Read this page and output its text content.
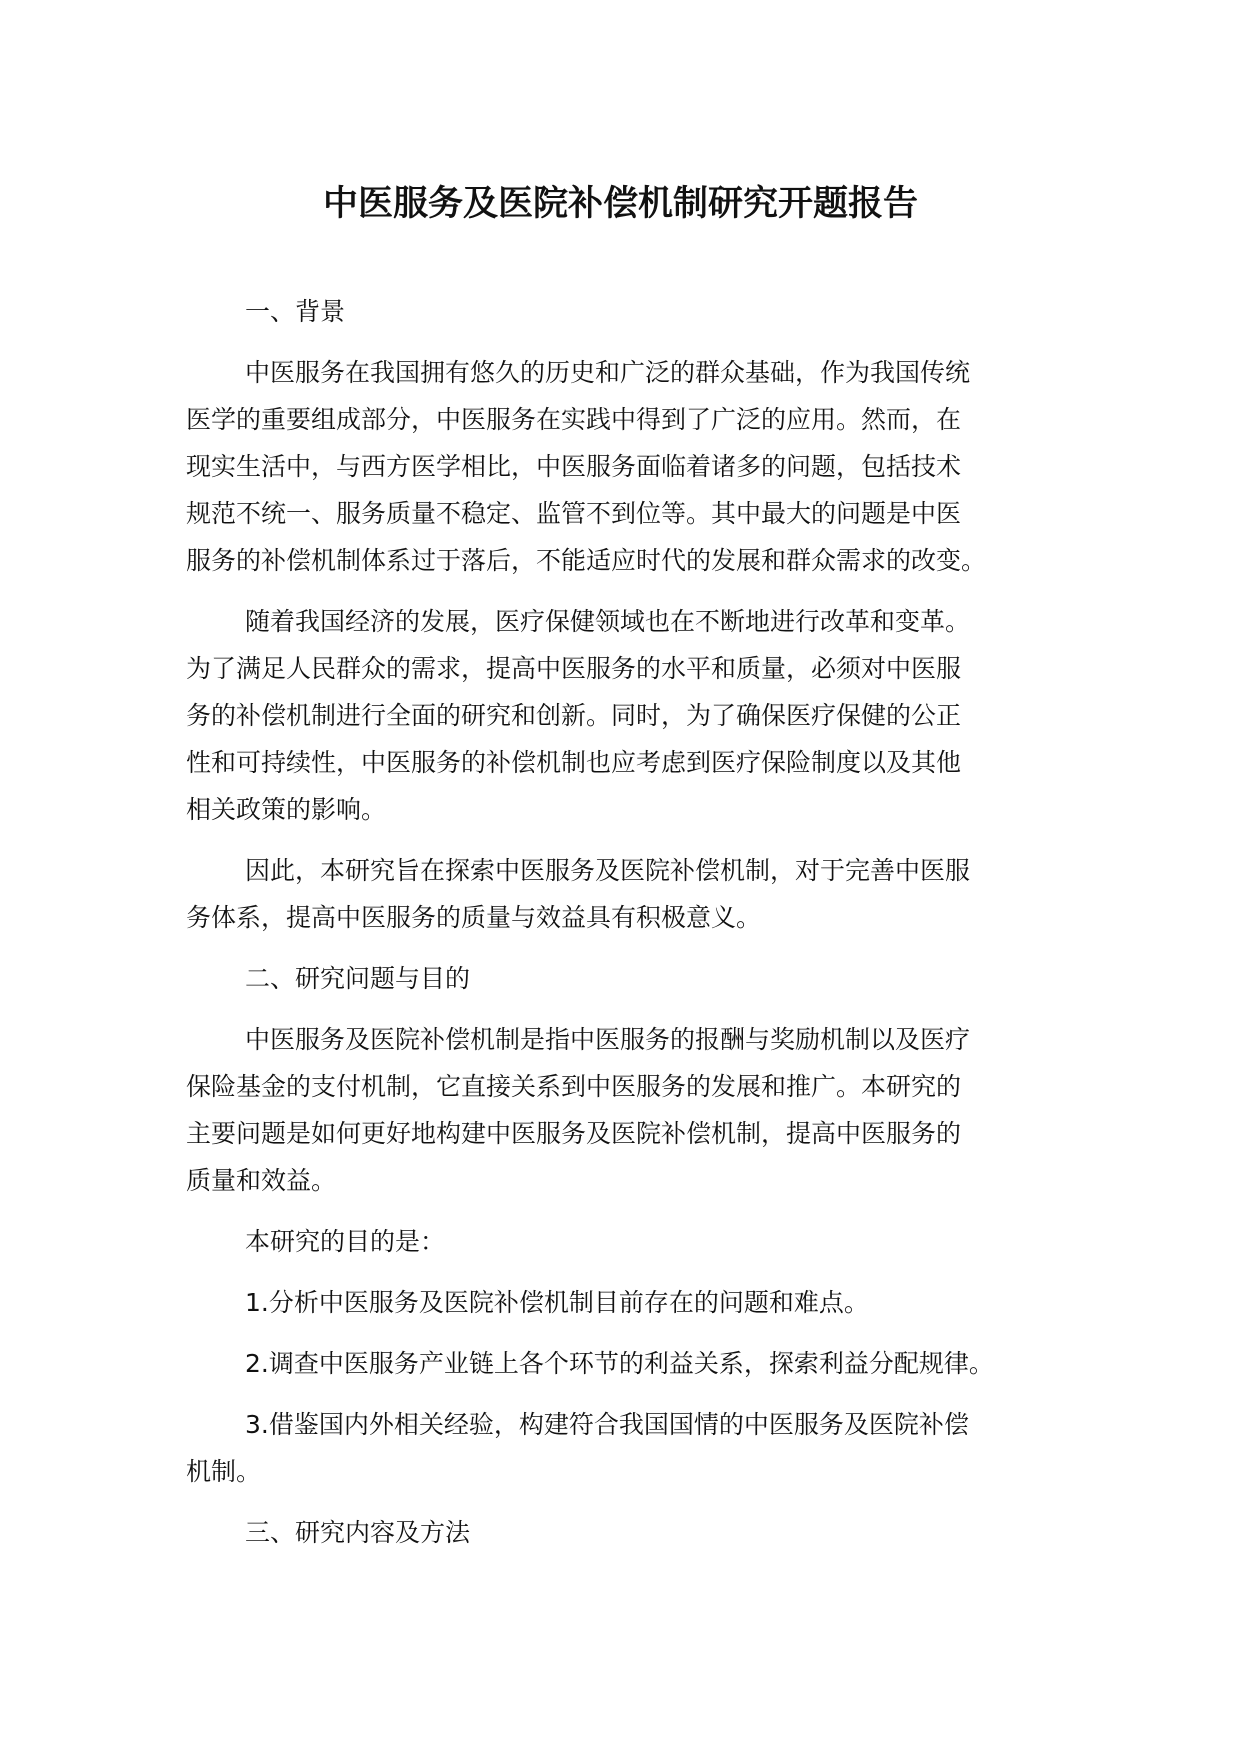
中医服务及医院补偿机制研究开题报告
一、背景
中医服务在我国拥有悠久的历史和广泛的群众基础，作为我国传统
医学的重要组成部分，中医服务在实践中得到了广泛的应用。然而，在
现实生活中，与西方医学相比，中医服务面临着诸多的问题，包括技术
规范不统一、服务质量不稳定、监管不到位等。其中最大的问题是中医
服务的补偿机制体系过于落后，不能适应时代的发展和群众需求的改变。
随着我国经济的发展，医疗保健领域也在不断地进行改革和变革。
为了满足人民群众的需求，提高中医服务的水平和质量，必须对中医服
务的补偿机制进行全面的研究和创新。同时，为了确保医疗保健的公正
性和可持续性，中医服务的补偿机制也应考虑到医疗保险制度以及其他
相关政策的影响。
因此，本研究旨在探索中医服务及医院补偿机制，对于完善中医服
务体系，提高中医服务的质量与效益具有积极意义。
二、研究问题与目的
中医服务及医院补偿机制是指中医服务的报酬与奖励机制以及医疗
保险基金的支付机制，它直接关系到中医服务的发展和推广。本研究的
主要问题是如何更好地构建中医服务及医院补偿机制，提高中医服务的
质量和效益。
本研究的目的是：
1.分析中医服务及医院补偿机制目前存在的问题和难点。
2.调查中医服务产业链上各个环节的利益关系，探索利益分配规律。
3.借鉴国内外相关经验，构建符合我国国情的中医服务及医院补偿
机制。
三、研究内容及方法
